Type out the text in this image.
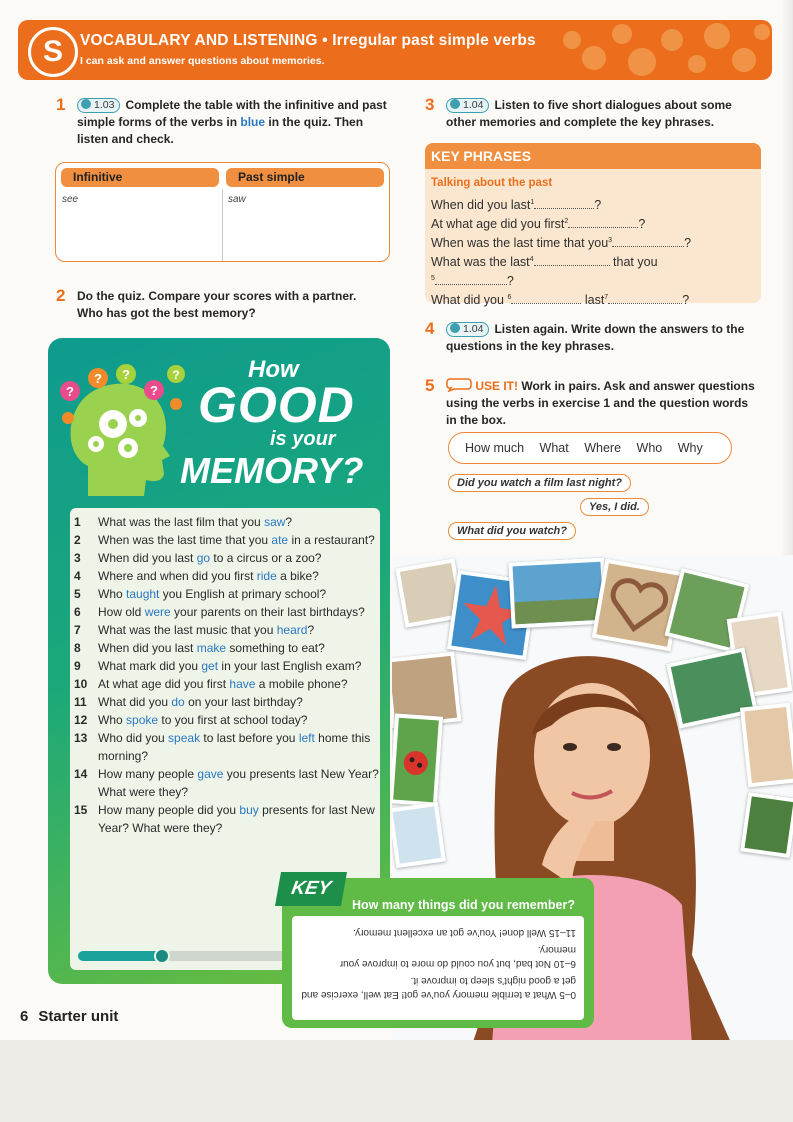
S	VOCABULARY AND LISTENING • Irregular past simple verbs
I can ask and answer questions about memories.
1	1.03 Complete the table with the infinitive and past simple forms of the verbs in blue in the quiz. Then listen and check.
Infinitive	Past simple
see	saw
2 Do the quiz. Compare your scores with a partner. Who has got the best memory?
?
? ?
?
?	How
GOOD
is your
MEMORY?
1	What was the last film that you saw?
2	When was the last time that you ate in a restaurant?
3	When did you last go to a circus or a zoo?
4	Where and when did you first ride a bike?
5	Who taught you English at primary school?
6	How old were your parents on their last birthdays?
7	What was the last music that you heard?
8	When did you last make something to eat?
9	What mark did you get in your last English exam?
10 At what age did you first have a mobile phone?
11 What did you do on your last birthday?
12 Who spoke to you first at school today?
13 Who did you speak to last before you left home this morning?
14 How many people gave you presents last New Year? What were they?
15 How many people did you buy presents for last New Year? What were they?
KEY
How many things did you remember?
0–5 What a terrible memory you’ve got! Eat well, exercise and get a good night’s sleep to improve it.
6–10 Not bad, but you could do more to improve your memory.
11–15 Well done! You’ve got an excellent memory.
3	1.04 Listen to five short dialogues about some other memories and complete the key phrases.
KEY PHRASES
Talking about the past
When did you last$^1$	?
At what age did you first$^2$	?
When was the last time that you$^3$	?
What was the last$^4$	that you
$^5$	?
What did you $^6$	last$^7$	?
4	1.04 Listen again. Write down the answers to the questions in the key phrases.
5	USE IT! Work in pairs. Ask and answer questions using the verbs in exercise 1 and the question words in the box.
How much What Where Who Why
Did you watch a film last night?
Yes, I did.
What did you watch?
6 Starter unit
